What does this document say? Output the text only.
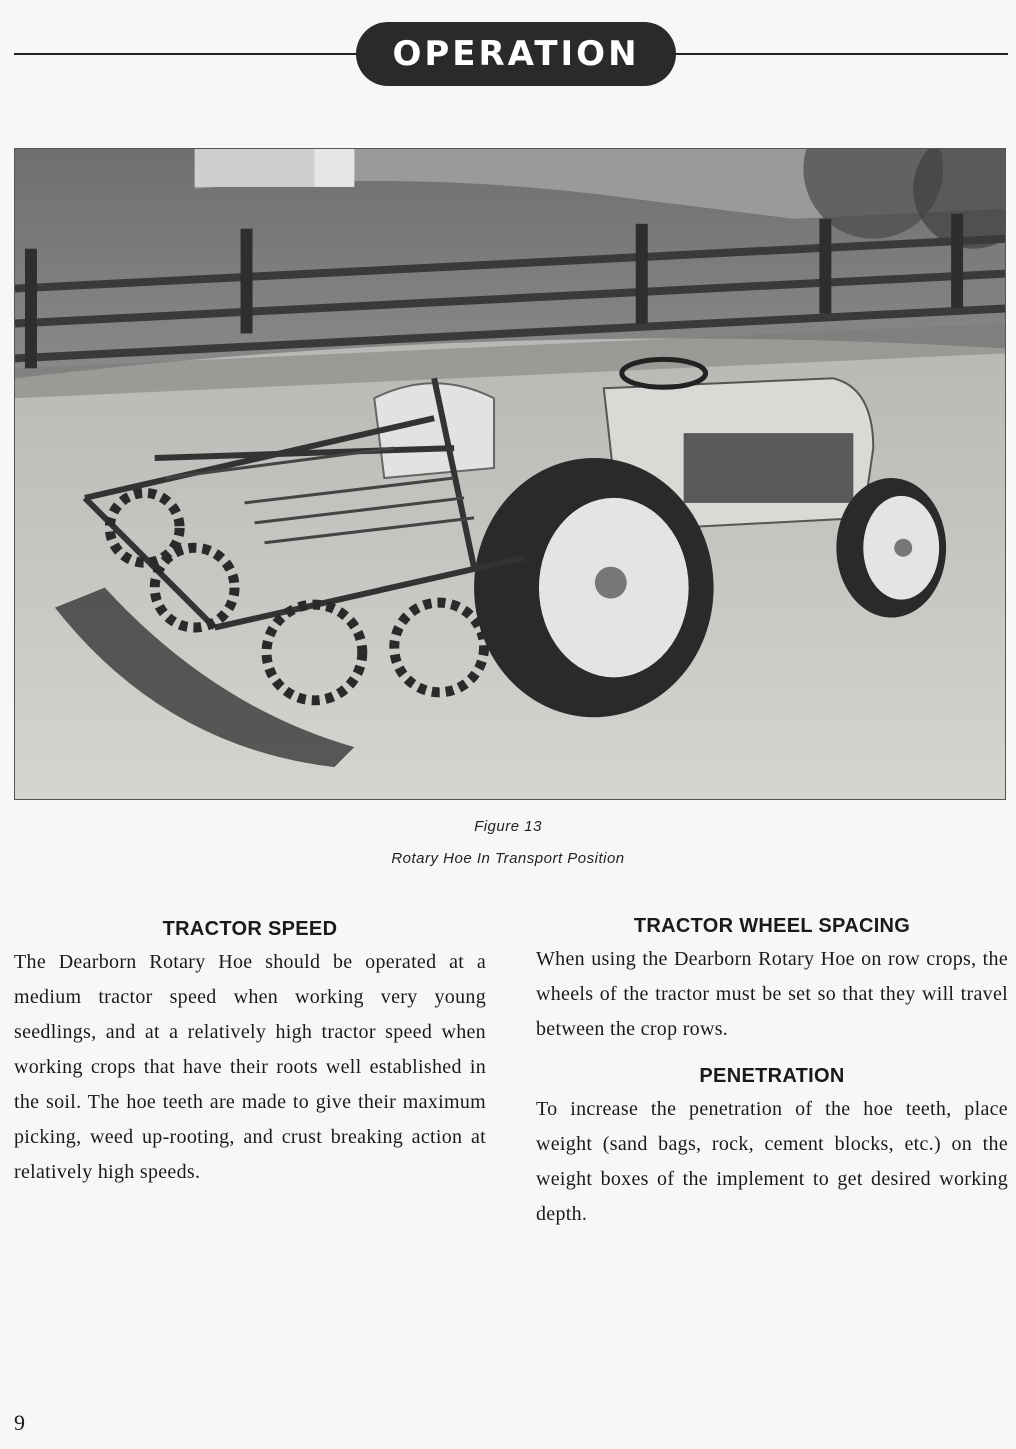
OPERATION
Figure 13
Rotary Hoe In Transport Position
TRACTOR SPEED

The Dearborn Rotary Hoe should be operated at a medium tractor speed when working very young seedlings, and at a relatively high tractor speed when working crops that have their roots well established in the soil. The hoe teeth are made to give their maximum picking, weed up-rooting, and crust breaking action at relatively high speeds.

TRACTOR WHEEL SPACING

When using the Dearborn Rotary Hoe on row crops, the wheels of the tractor must be set so that they will travel between the crop rows.

PENETRATION

To increase the penetration of the hoe teeth, place weight (sand bags, rock, cement blocks, etc.) on the weight boxes of the implement to get desired working depth.

9
